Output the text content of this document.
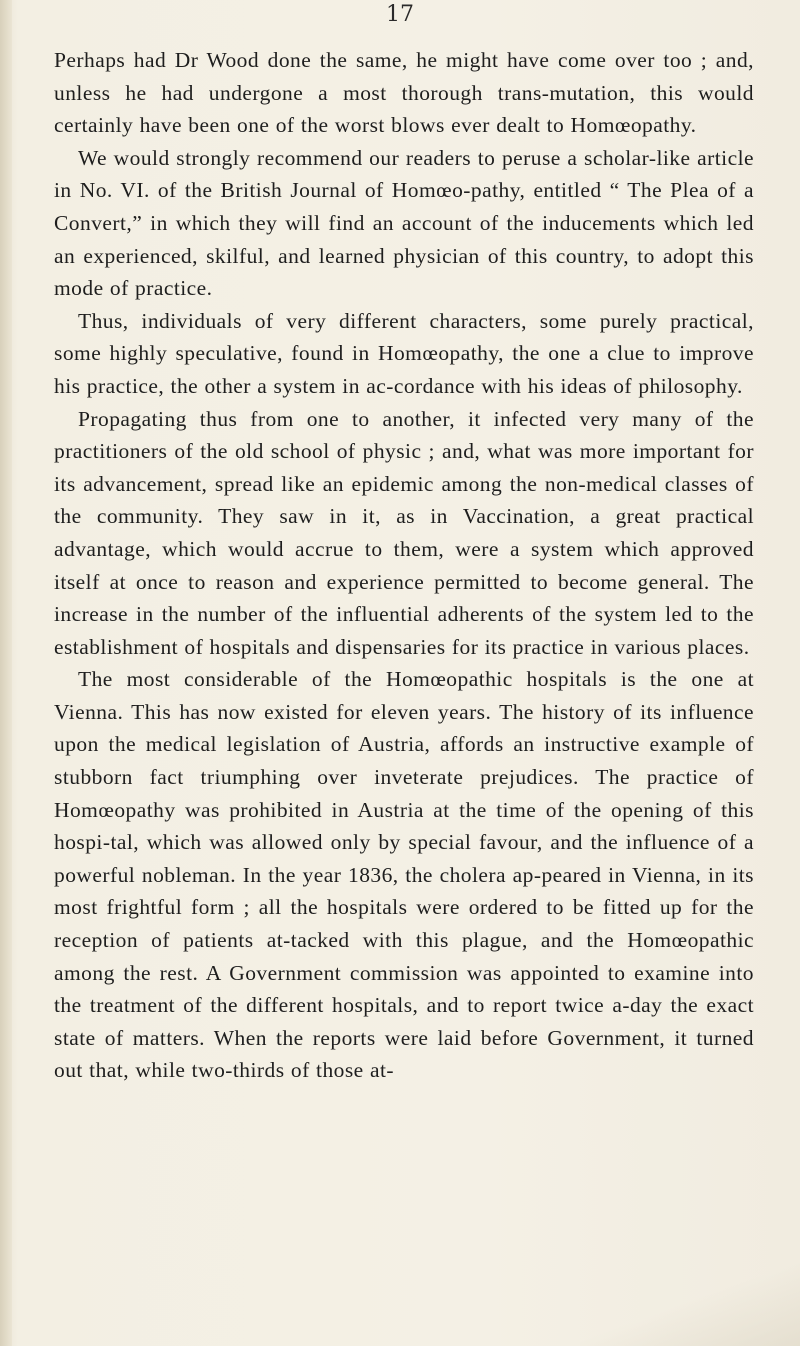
17

Perhaps had Dr Wood done the same, he might have come over too ; and, unless he had undergone a most thorough trans-mutation, this would certainly have been one of the worst blows ever dealt to Homœopathy.

We would strongly recommend our readers to peruse a scholar-like article in No. VI. of the British Journal of Homœo-pathy, entitled “ The Plea of a Convert,” in which they will find an account of the inducements which led an experienced, skilful, and learned physician of this country, to adopt this mode of practice.

Thus, individuals of very different characters, some purely practical, some highly speculative, found in Homœopathy, the one a clue to improve his practice, the other a system in ac-cordance with his ideas of philosophy.

Propagating thus from one to another, it infected very many of the practitioners of the old school of physic ; and, what was more important for its advancement, spread like an epidemic among the non-medical classes of the community. They saw in it, as in Vaccination, a great practical advantage, which would accrue to them, were a system which approved itself at once to reason and experience permitted to become general. The increase in the number of the influential adherents of the system led to the establishment of hospitals and dispensaries for its practice in various places.

The most considerable of the Homœopathic hospitals is the one at Vienna. This has now existed for eleven years. The history of its influence upon the medical legislation of Austria, affords an instructive example of stubborn fact triumphing over inveterate prejudices. The practice of Homœopathy was prohibited in Austria at the time of the opening of this hospi-tal, which was allowed only by special favour, and the influence of a powerful nobleman. In the year 1836, the cholera ap-peared in Vienna, in its most frightful form ; all the hospitals were ordered to be fitted up for the reception of patients at-tacked with this plague, and the Homœopathic among the rest. A Government commission was appointed to examine into the treatment of the different hospitals, and to report twice a-day the exact state of matters. When the reports were laid before Government, it turned out that, while two-thirds of those at-
